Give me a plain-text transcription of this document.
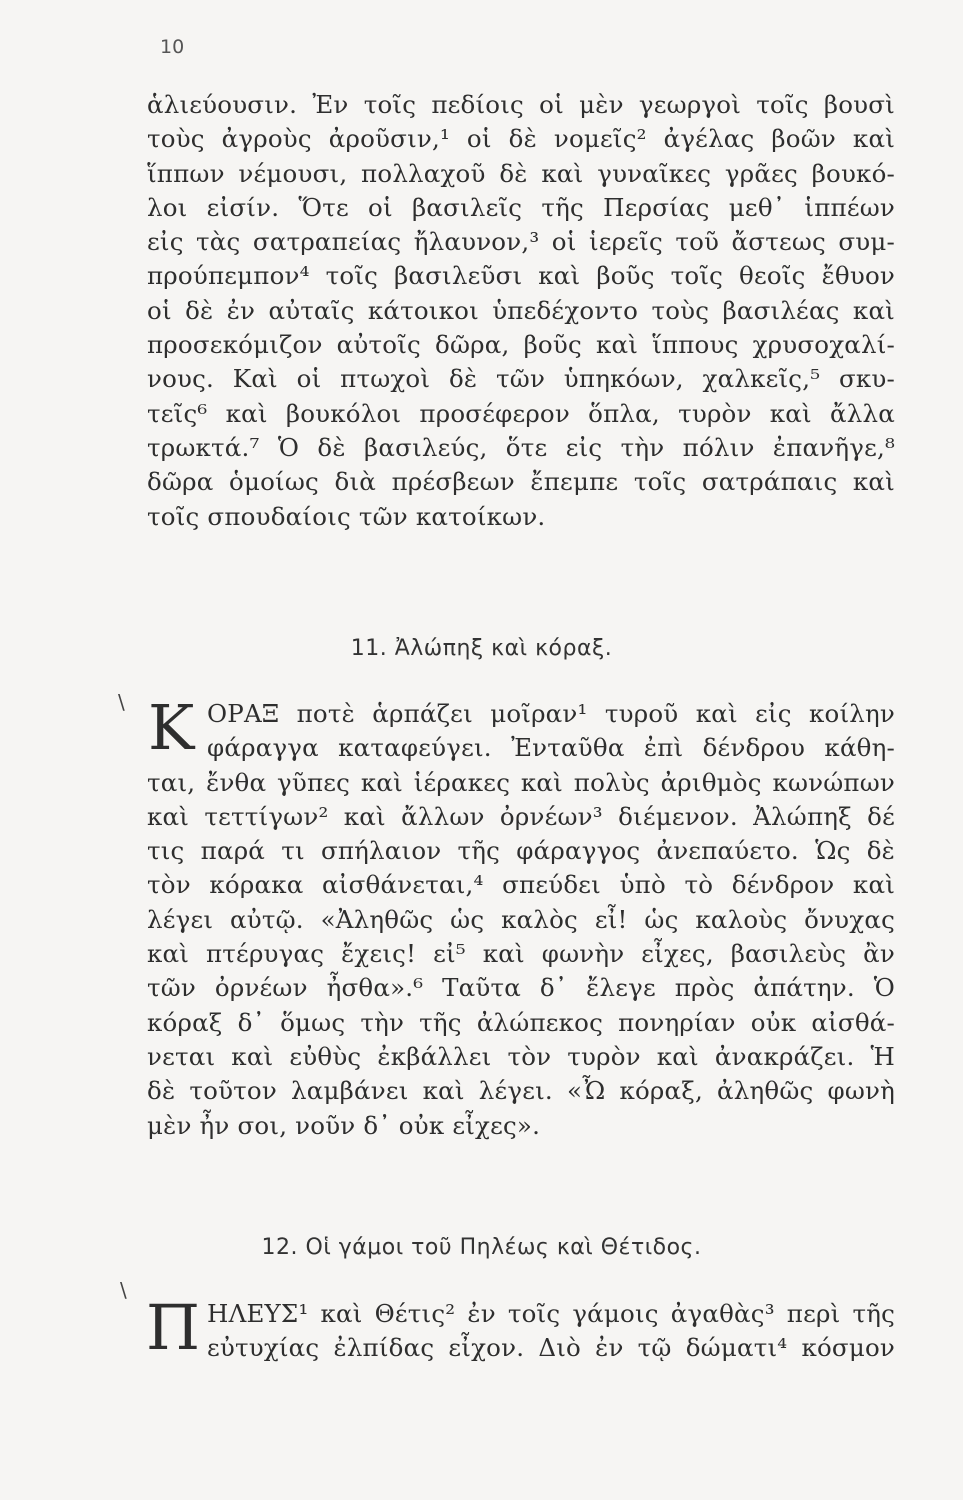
10
ἁλιεύουσιν. Ἐν τοῖς πεδίοις οἱ μὲν γεωργοὶ τοῖς βουσὶ
τοὺς ἀγροὺς ἀροῦσιν,¹ οἱ δὲ νομεῖς² ἀγέλας βοῶν καὶ
ἵππων νέμουσι, πολλαχοῦ δὲ καὶ γυναῖκες γρᾶες βουκό-
λοι εἰσίν. Ὅτε οἱ βασιλεῖς τῆς Περσίας μεθ᾽ ἱππέων
εἰς τὰς σατραπείας ἤλαυνον,³ οἱ ἱερεῖς τοῦ ἄστεως συμ-
προύπεμπον⁴ τοῖς βασιλεῦσι καὶ βοῦς τοῖς θεοῖς ἔθυον
οἱ δὲ ἐν αὐταῖς κάτοικοι ὑπεδέχοντο τοὺς βασιλέας καὶ
προσεκόμιζον αὐτοῖς δῶρα, βοῦς καὶ ἵππους χρυσοχαλί-
νους. Καὶ οἱ πτωχοὶ δὲ τῶν ὑπηκόων, χαλκεῖς,⁵ σκυ-
τεῖς⁶ καὶ βουκόλοι προσέφερον ὅπλα, τυρὸν καὶ ἄλλα
τρωκτά.⁷ Ὁ δὲ βασιλεύς, ὅτε εἰς τὴν πόλιν ἐπανῆγε,⁸
δῶρα ὁμοίως διὰ πρέσβεων ἔπεμπε τοῖς σατράπαις καὶ
τοῖς σπουδαίοις τῶν κατοίκων.
11. Ἀλώπηξ καὶ κόραξ.
\ Κ ΟΡΑΞ ποτὲ ἁρπάζει μοῖραν¹ τυροῦ καὶ εἰς κοίλην
φάραγγα καταφεύγει. Ἐνταῦθα ἐπὶ δένδρου κάθη-
ται, ἔνθα γῦπες καὶ ἱέρακες καὶ πολὺς ἀριθμὸς κωνώπων
καὶ τεττίγων² καὶ ἄλλων ὀρνέων³ διέμενον. Ἀλώπηξ δέ
τις παρά τι σπήλαιον τῆς φάραγγος ἀνεπαύετο. Ὡς δὲ
τὸν κόρακα αἰσθάνεται,⁴ σπεύδει ὑπὸ τὸ δένδρον καὶ
λέγει αὐτῷ. «Ἀληθῶς ὡς καλὸς εἶ! ὡς καλοὺς ὄνυχας
καὶ πτέρυγας ἔχεις! εἰ⁵ καὶ φωνὴν εἶχες, βασιλεὺς ἂν
τῶν ὀρνέων ἦσθα».⁶ Ταῦτα δ᾽ ἔλεγε πρὸς ἀπάτην. Ὁ
κόραξ δ᾽ ὅμως τὴν τῆς ἀλώπεκος πονηρίαν οὐκ αἰσθά-
νεται καὶ εὐθὺς ἐκβάλλει τὸν τυρὸν καὶ ἀνακράζει. Ἡ
δὲ τοῦτον λαμβάνει καὶ λέγει. «Ὦ κόραξ, ἀληθῶς φωνὴ
μὲν ἦν σοι, νοῦν δ᾽ οὐκ εἶχες».
12. Οἱ γάμοι τοῦ Πηλέως καὶ Θέτιδος.
\
Π ΗΛΕΥΣ¹ καὶ Θέτις² ἐν τοῖς γάμοις ἀγαθὰς³ περὶ τῆς
εὐτυχίας ἐλπίδας εἶχον. Διὸ ἐν τῷ δώματι⁴ κόσμον
